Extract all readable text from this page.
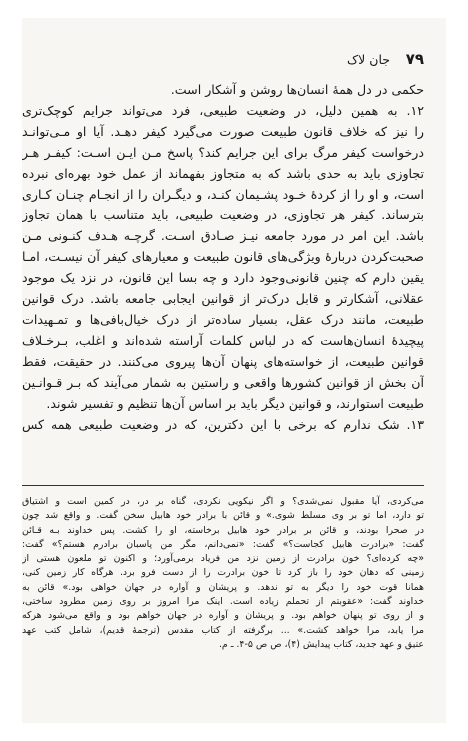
۷۹
جان لاک
حکمی در دل همهٔ انسان‌ها روشن و آشکار است.
۱۲. به همین دلیل، در وضعیت طبیعی، فرد می‌تواند جرایم کوچک‌تری
را نیز که خلاف قانون طبیعت صورت می‌گیرد کیفر دهـد. آیا او مـی‌توانـد
درخواست کیفر مرگ برای این جرایم کند؟ پاسخ مـن ایـن اسـت: کیفـر هـر
تجاوزی باید به حدی باشد که به متجاوز بفهماند از عمل خود بهره‌ای نبرده
است، و او را از کردهٔ خـود پشـیمان کنـد، و دیگـران را از انجـام چنـان کـاری
بترساند. کیفر هر تجاوزی، در وضعیت طبیعی، باید متناسب با همان تجاوز
باشد. این امر در مورد جامعه نیـز صـادق اسـت. گرچـه هـدف کنـونی مـن
صحبت‌کردن دربارهٔ ویژگی‌های قانون طبیعت و معیارهای کیفر آن نیسـت، امـا
یقین دارم که چنین قانونی‌وجود دارد و چه بسا این قانون، در نزد یک موجود
عقلانی، آشکارتر و قابل درک‌تر از قوانین ایجابی جامعه باشد. درک قوانین
طبیعت، مانند درک عقل، بسیار ساده‌تر از درک خیال‌بافی‌ها و تمـهیدات
پیچیدهٔ انسان‌هاست که در لباس کلمات آراسته شده‌اند و اغلب، بـرخـلاف
قوانین طبیعت، از خواسته‌های پنهان آن‌ها پیروی می‌کنند. در حقیقت، فقط
آن بخش از قوانین کشورها واقعی و راستین به شمار می‌آیند که بـر قـوانـین
طبیعت استوارند، و قوانین دیگر باید بر اساس آن‌ها تنظیم و تفسیر شوند.
۱۳. شک ندارم که برخی با این دکترین، که در وضعیت طبیعی همه کس
می‌کردی، آیا مقبول نمی‌شدی؟ و اگر نیکویی نکردی، گناه بر در، در کمین است و اشتیاق
تو دارد، اما تو بر وی مسلط شوی.» و قائن با برادر خود هابیل سخن گفت. و واقع شد چون
در صحرا بودند، و قائن بر برادر خود هابیل برخاسته، او را کشت. پس خداوند بـه قـائن
گفت: «برادرت هابیل کجاست؟» گفت: «نمی‌دانم، مگر من پاسبان برادرم هستم؟» گفت:
«چه کرده‌ای؟ خون برادرت از زمین نزد من فریاد برمی‌آورد؛ و اکنون تو ملعون هستی از
زمینی که دهان خود را باز کرد تا خون برادرت را از دست فرو برد. هرگاه کار زمین کنی،
همانا قوت خود را دیگر به تو ندهد. و پریشان و آواره در جهان خواهی بود.» قائن به
خداوند گفت: «عقوبتم از تحملم زیاده است. اینک مرا امروز بر روی زمین مطرود ساختی،
و از روی تو پنهان خواهم بود. و پریشان و آواره در جهان خواهم بود و واقع می‌شود هرکه
مرا یابد، مرا خواهد کشت.» ... برگرفته از کتاب مقدس (ترجمهٔ قدیم)، شامل کتب عهد
عتیق و عهد جدید، کتاب پیدایش (۴)، ص ص ۵-۴. ـ م.
